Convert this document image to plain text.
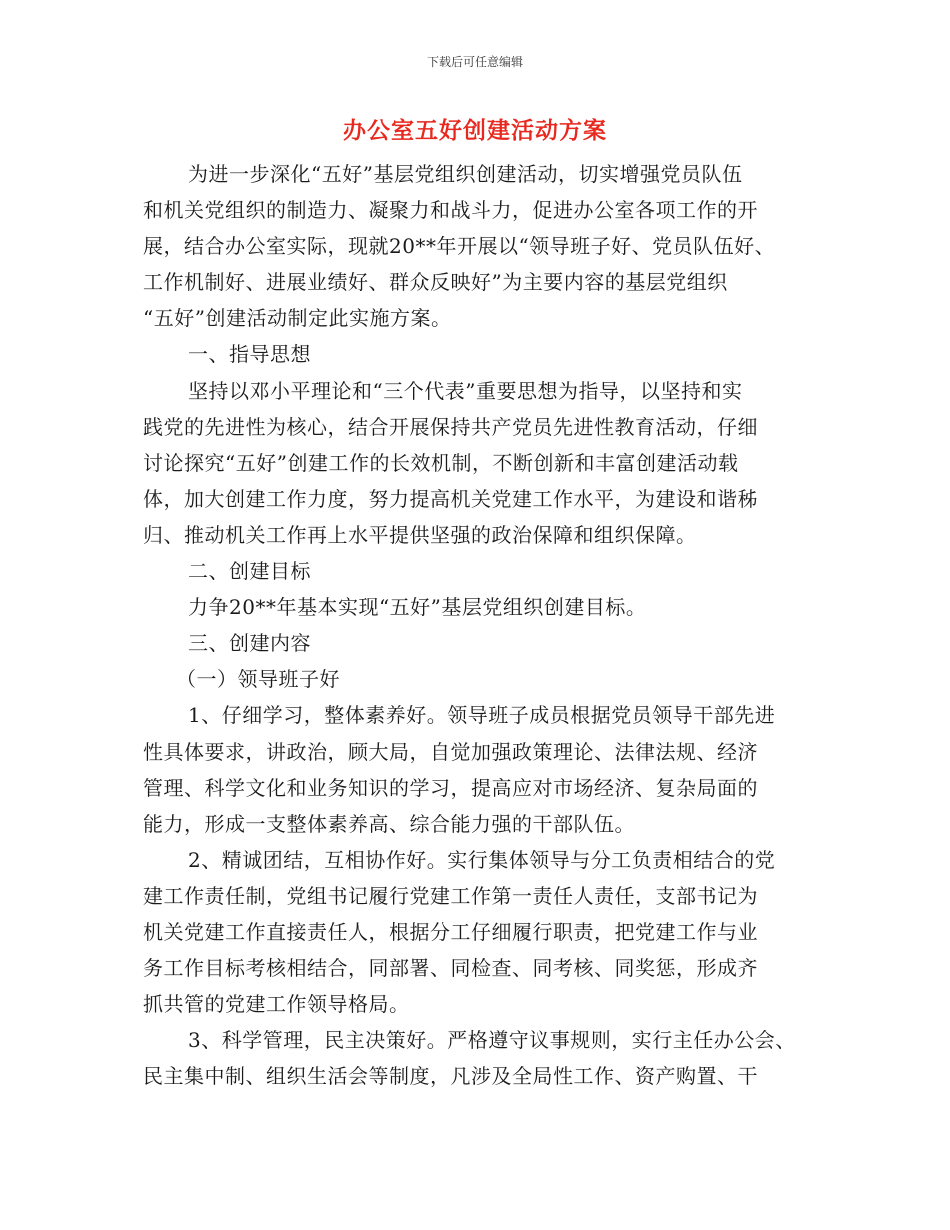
下载后可任意编辑
办公室五好创建活动方案
为进一步深化“五好”基层党组织创建活动，切实增强党员队伍
和机关党组织的制造力、凝聚力和战斗力，促进办公室各项工作的开
展，结合办公室实际，现就20**年开展以“领导班子好、党员队伍好、
工作机制好、进展业绩好、群众反映好”为主要内容的基层党组织
“五好”创建活动制定此实施方案。
一、指导思想
坚持以邓小平理论和“三个代表”重要思想为指导，以坚持和实
践党的先进性为核心，结合开展保持共产党员先进性教育活动，仔细
讨论探究“五好”创建工作的长效机制，不断创新和丰富创建活动载
体，加大创建工作力度，努力提高机关党建工作水平，为建设和谐秭
归、推动机关工作再上水平提供坚强的政治保障和组织保障。
二、创建目标
力争20**年基本实现“五好”基层党组织创建目标。
三、创建内容
（一）领导班子好
1、仔细学习，整体素养好。领导班子成员根据党员领导干部先进
性具体要求，讲政治，顾大局，自觉加强政策理论、法律法规、经济
管理、科学文化和业务知识的学习，提高应对市场经济、复杂局面的
能力，形成一支整体素养高、综合能力强的干部队伍。
2、精诚团结，互相协作好。实行集体领导与分工负责相结合的党
建工作责任制，党组书记履行党建工作第一责任人责任，支部书记为
机关党建工作直接责任人，根据分工仔细履行职责，把党建工作与业
务工作目标考核相结合，同部署、同检查、同考核、同奖惩，形成齐
抓共管的党建工作领导格局。
3、科学管理，民主决策好。严格遵守议事规则，实行主任办公会、
民主集中制、组织生活会等制度，凡涉及全局性工作、资产购置、干
